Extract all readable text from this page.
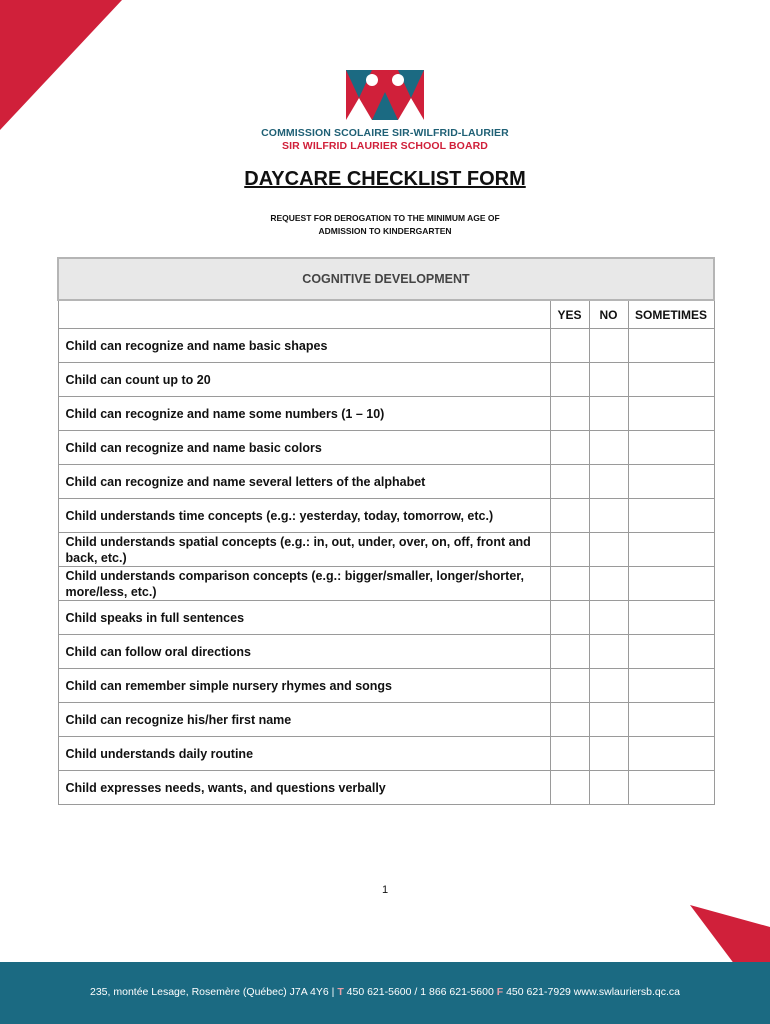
COMMISSION SCOLAIRE SIR-WILFRID-LAURIER
SIR WILFRID LAURIER SCHOOL BOARD
DAYCARE CHECKLIST FORM
REQUEST FOR DEROGATION TO THE MINIMUM AGE OF
ADMISSION TO KINDERGARTEN
COGNITIVE DEVELOPMENT			
	YES	NO	SOMETIMES
Child can recognize and name basic shapes			
Child can count up to 20			
Child can recognize and name some numbers (1 – 10)			
Child can recognize and name basic colors			
Child can recognize and name several letters of the alphabet			
Child understands time concepts (e.g.: yesterday, today, tomorrow, etc.)			
Child understands spatial concepts (e.g.: in, out, under, over, on, off, front and back, etc.)			
Child understands comparison concepts (e.g.: bigger/smaller, longer/shorter, more/less, etc.)			
Child speaks in full sentences			
Child can follow oral directions			
Child can remember simple nursery rhymes and songs			
Child can recognize his/her first name			
Child understands daily routine			
Child expresses needs, wants, and questions verbally			
1
235, montée Lesage, Rosemère (Québec) J7A 4Y6 | T 450 621-5600 / 1 866 621-5600 F 450 621-7929 www.swlauriersb.qc.ca
